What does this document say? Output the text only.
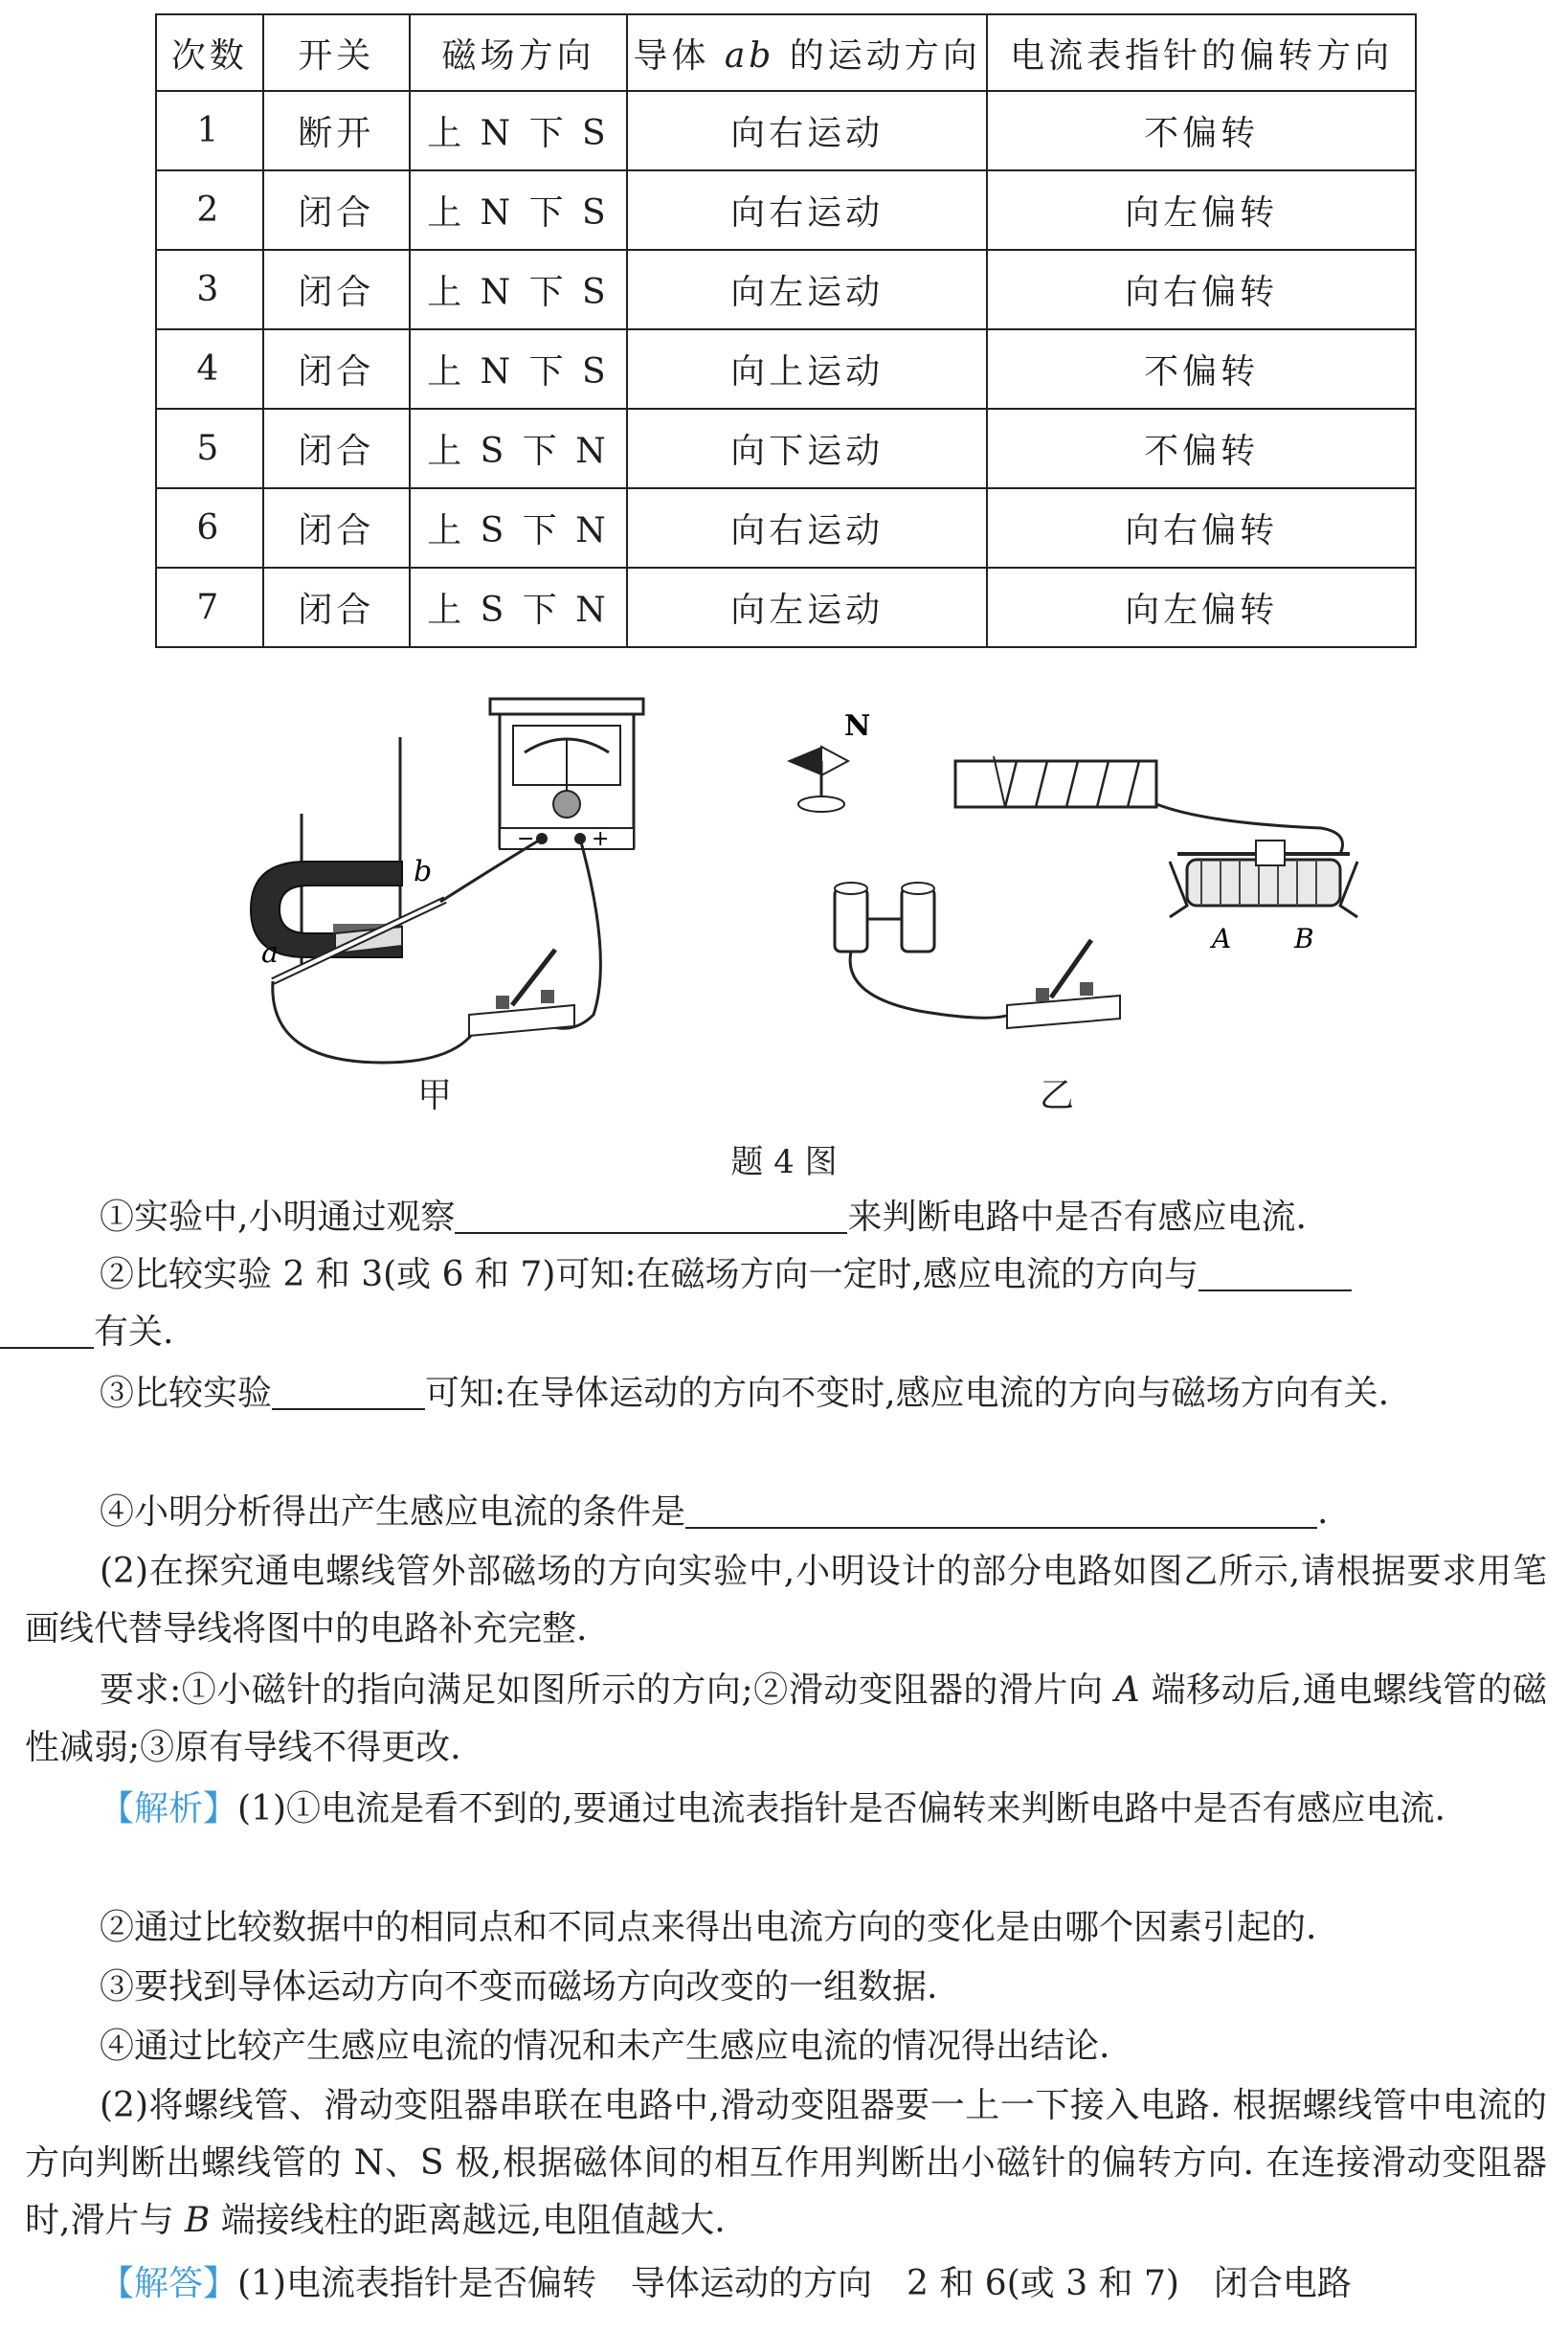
次数	开关	磁场方向	导体 ab 的运动方向	电流表指针的偏转方向
1	断开	上 N 下 S	向右运动	不偏转
2	闭合	上 N 下 S	向右运动	向左偏转
3	闭合	上 N 下 S	向左运动	向右偏转
4	闭合	上 N 下 S	向上运动	不偏转
5	闭合	上 S 下 N	向下运动	不偏转
6	闭合	上 S 下 N	向右运动	向右偏转
7	闭合	上 S 下 N	向左运动	向左偏转
−	+
a
b
N
A B
甲	乙
题 4 图
①实验中,小明通过观察	来判断电路中是否有感应电流.
②比较实验 2 和 3(或 6 和 7)可知:在磁场方向一定时,感应电流的方向与
有关.
③比较实验	可知:在导体运动的方向不变时,感应电流的方向与磁场方向有关.
④小明分析得出产生感应电流的条件是	.
(2)在探究通电螺线管外部磁场的方向实验中,小明设计的部分电路如图乙所示,请根据要求用笔画线代替导线将图中的电路补充完整.
要求:①小磁针的指向满足如图所示的方向;②滑动变阻器的滑片向 A 端移动后,通电螺线管的磁性减弱;③原有导线不得更改.
【解析】(1)①电流是看不到的,要通过电流表指针是否偏转来判断电路中是否有感应电流.
②通过比较数据中的相同点和不同点来得出电流方向的变化是由哪个因素引起的.
③要找到导体运动方向不变而磁场方向改变的一组数据.
④通过比较产生感应电流的情况和未产生感应电流的情况得出结论.
(2)将螺线管、滑动变阻器串联在电路中,滑动变阻器要一上一下接入电路. 根据螺线管中电流的方向判断出螺线管的 N、S 极,根据磁体间的相互作用判断出小磁针的偏转方向. 在连接滑动变阻器时,滑片与 B 端接线柱的距离越远,电阻值越大.
【解答】(1)电流表指针是否偏转　导体运动的方向　2 和 6(或 3 和 7)　闭合电路
